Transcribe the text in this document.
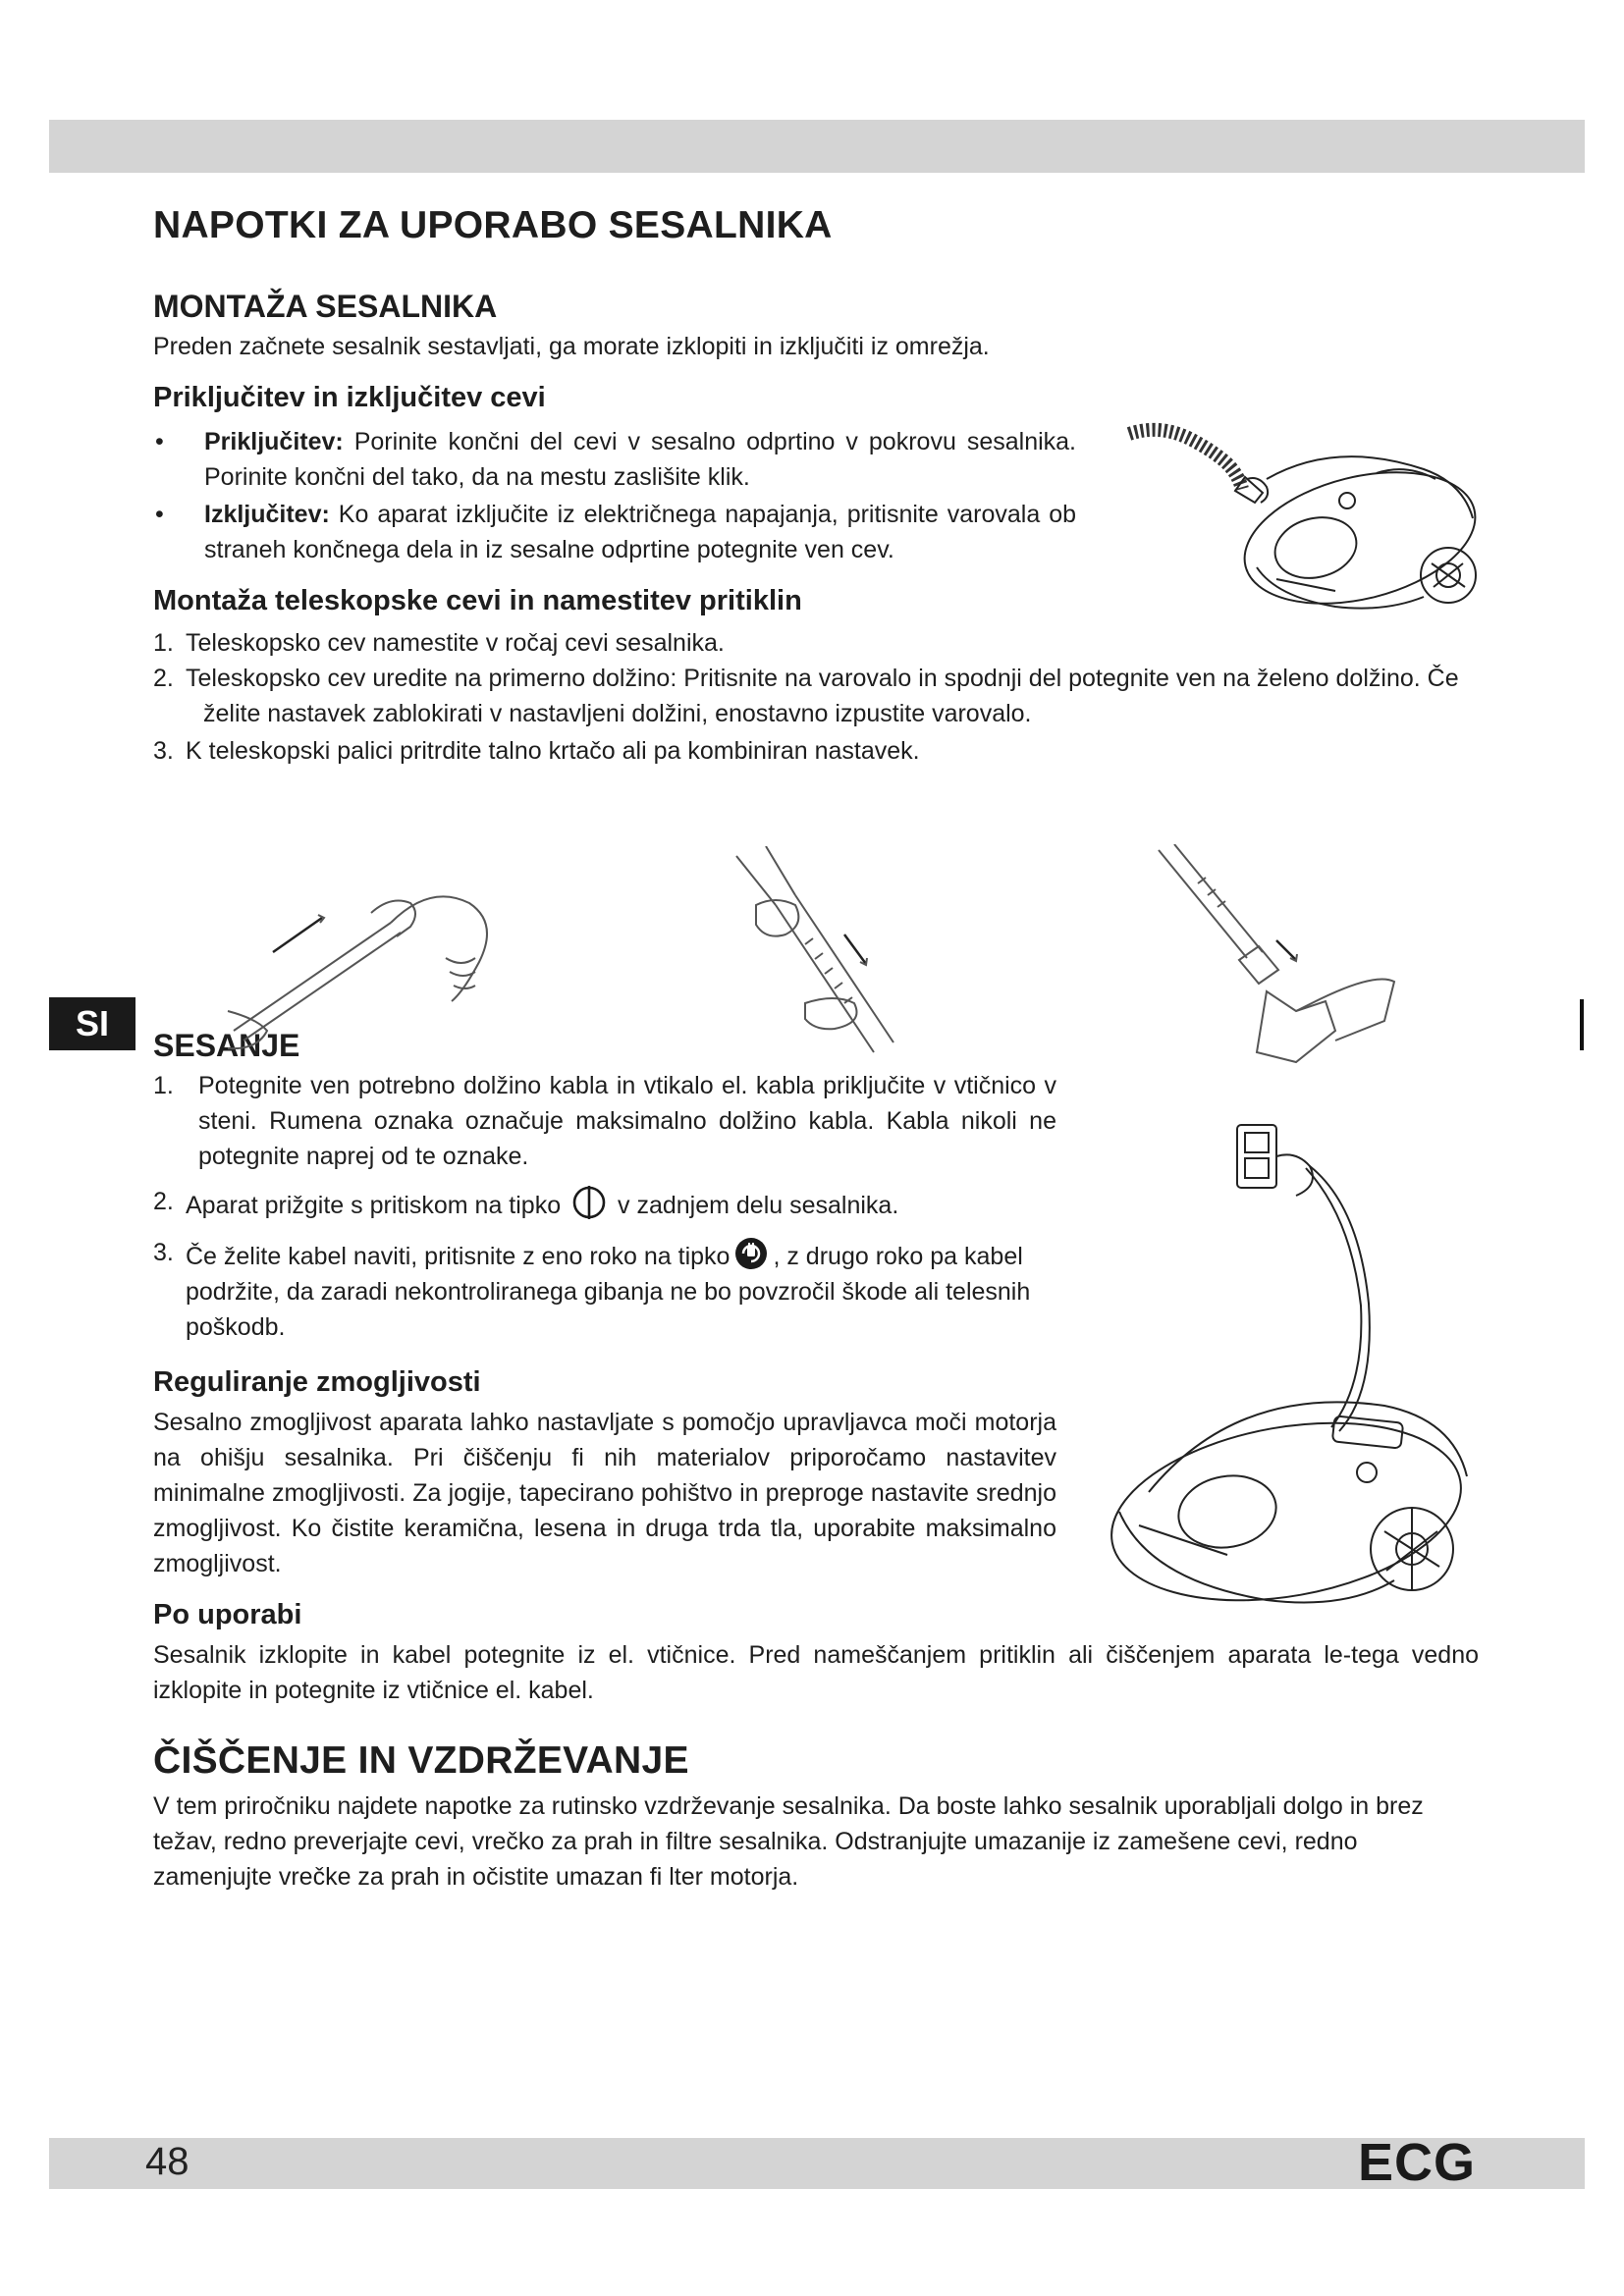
SI
NAPOTKI ZA UPORABO SESALNIKA
MONTAŽA SESALNIKA

Preden začnete sesalnik sestavljati, ga morate izklopiti in izključiti iz omrežja.

Priključitev in izključitev cevi
• Priključitev: Porinite končni del cevi v sesalno odprtino v pokrovu sesalnika. Porinite končni del tako, da na mestu zaslišite klik.
• Izključitev: Ko aparat izključite iz električnega napajanja, pritisnite varovala ob straneh končnega dela in iz sesalne odprtine potegnite ven cev.
Montaža teleskopske cevi in namestitev pritiklin
1. Teleskopsko cev namestite v ročaj cevi sesalnika.
2. Teleskopsko cev uredite na primerno dolžino: Pritisnite na varovalo in spodnji del potegnite ven na želeno dolžino. Če želite nastavek zablokirati v nastavljeni dolžini, enostavno izpustite varovalo.
3. K teleskopski palici pritrdite talno krtačo ali pa kombiniran nastavek.
SESANJE
1. Potegnite ven potrebno dolžino kabla in vtikalo el. kabla priključite v vtičnico v steni. Rumena oznaka označuje maksimalno dolžino kabla. Kabla nikoli ne potegnite naprej od te oznake.
2. Aparat prižgite s pritiskom na tipko v zadnjem delu sesalnika.
3. Če želite kabel naviti, pritisnite z eno roko na tipko , z drugo roko pa kabel podržite, da zaradi nekontroliranega gibanja ne bo povzročil škode ali telesnih poškodb.
Reguliranje zmogljivosti

Sesalno zmogljivost aparata lahko nastavljate s pomočjo upravljavca moči motorja na ohišju sesalnika. Pri čiščenju fi nih materialov priporočamo nastavitev minimalne zmogljivosti. Za jogije, tapecirano pohištvo in preproge nastavite srednjo zmogljivost. Ko čistite keramična, lesena in druga trda tla, uporabite maksimalno zmogljivost.

Po uporabi

Sesalnik izklopite in kabel potegnite iz el. vtičnice. Pred nameščanjem pritiklin ali čiščenjem aparata le-tega vedno izklopite in potegnite iz vtičnice el. kabel.

ČIŠČENJE IN VZDRŽEVANJE

V tem priročniku najdete napotke za rutinsko vzdrževanje sesalnika. Da boste lahko sesalnik uporabljali dolgo in brez težav, redno preverjajte cevi, vrečko za prah in filtre sesalnika. Odstranjujte umazanije iz zamešene cevi, redno zamenjujte vrečke za prah in očistite umazan fi lter motorja.

48	ECG
